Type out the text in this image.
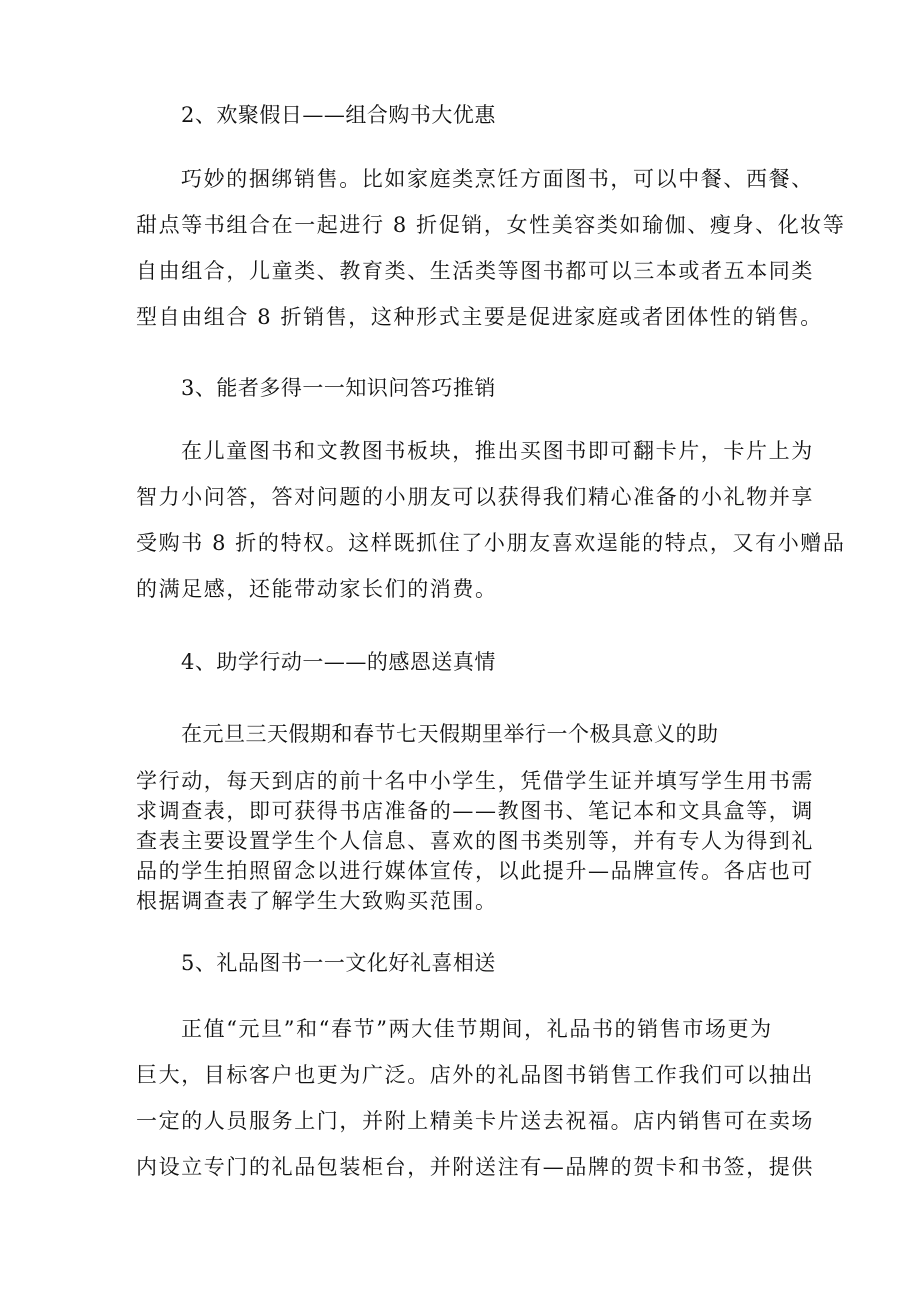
2、欢聚假日——组合购书大优惠
巧妙的捆绑销售。比如家庭类烹饪方面图书，可以中餐、西餐、
甜点等书组合在一起进行 8 折促销，女性美容类如瑜伽、瘦身、化妆等
自由组合，儿童类、教育类、生活类等图书都可以三本或者五本同类
型自由组合 8 折销售，这种形式主要是促进家庭或者团体性的销售。
3、能者多得一一知识问答巧推销
在儿童图书和文教图书板块，推出买图书即可翻卡片，卡片上为
智力小问答，答对问题的小朋友可以获得我们精心准备的小礼物并享
受购书 8 折的特权。这样既抓住了小朋友喜欢逞能的特点，又有小赠品
的满足感，还能带动家长们的消费。
4、助学行动一——的感恩送真情
在元旦三天假期和春节七天假期里举行一个极具意义的助
学行动，每天到店的前十名中小学生，凭借学生证并填写学生用书需
求调查表，即可获得书店准备的——教图书、笔记本和文具盒等，调
查表主要设置学生个人信息、喜欢的图书类别等，并有专人为得到礼
品的学生拍照留念以进行媒体宣传，以此提升—品牌宣传。各店也可
根据调查表了解学生大致购买范围。
5、礼品图书一一文化好礼喜相送
正值“元旦”和“春节”两大佳节期间，礼品书的销售市场更为
巨大，目标客户也更为广泛。店外的礼品图书销售工作我们可以抽出
一定的人员服务上门，并附上精美卡片送去祝福。店内销售可在卖场
内设立专门的礼品包装柜台，并附送注有—品牌的贺卡和书签，提供
